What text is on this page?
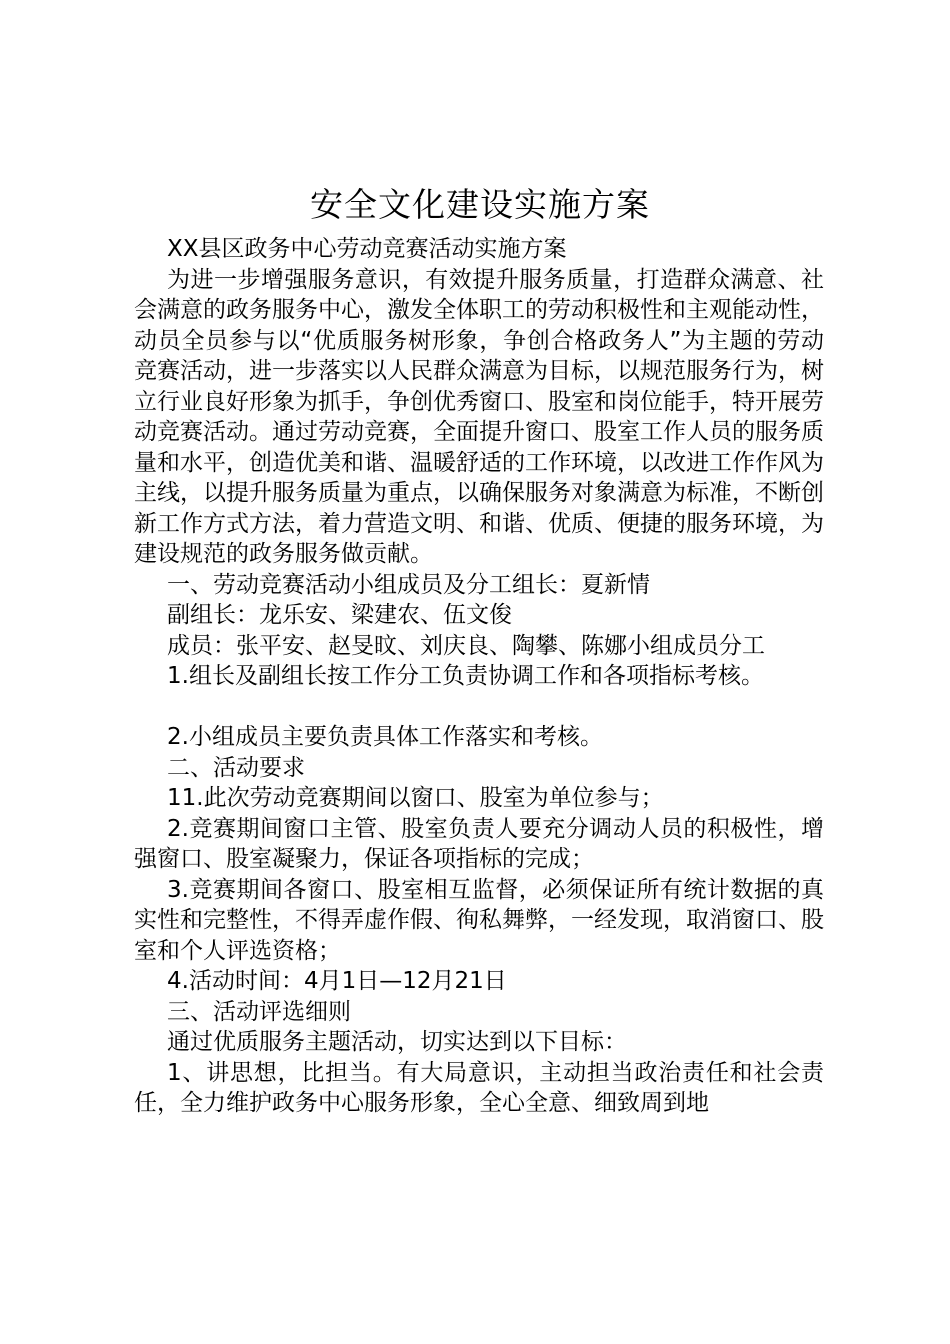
安全文化建设实施方案

XX县区政务中心劳动竞赛活动实施方案

为进一步增强服务意识，有效提升服务质量，打造群众满意、社会满意的政务服务中心，激发全体职工的劳动积极性和主观能动性，动员全员参与以“优质服务树形象，争创合格政务人”为主题的劳动竞赛活动，进一步落实以人民群众满意为目标，以规范服务行为，树立行业良好形象为抓手，争创优秀窗口、股室和岗位能手，特开展劳动竞赛活动。通过劳动竞赛，全面提升窗口、股室工作人员的服务质量和水平，创造优美和谐、温暖舒适的工作环境，以改进工作作风为主线，以提升服务质量为重点，以确保服务对象满意为标准，不断创新工作方式方法，着力营造文明、和谐、优质、便捷的服务环境，为建设规范的政务服务做贡献。

一、劳动竞赛活动小组成员及分工组长：夏新情

副组长：龙乐安、梁建农、伍文俊

成员：张平安、赵旻旼、刘庆良、陶攀、陈娜小组成员分工

1.组长及副组长按工作分工负责协调工作和各项指标考核。

2.小组成员主要负责具体工作落实和考核。

二、活动要求

11.此次劳动竞赛期间以窗口、股室为单位参与；

2.竞赛期间窗口主管、股室负责人要充分调动人员的积极性，增强窗口、股室凝聚力，保证各项指标的完成；

3.竞赛期间各窗口、股室相互监督，必须保证所有统计数据的真实性和完整性，不得弄虚作假、徇私舞弊，一经发现，取消窗口、股室和个人评选资格；

4.活动时间：4月1日—12月21日

三、活动评选细则

通过优质服务主题活动，切实达到以下目标：

1、讲思想，比担当。有大局意识，主动担当政治责任和社会责任，全力维护政务中心服务形象，全心全意、细致周到地
